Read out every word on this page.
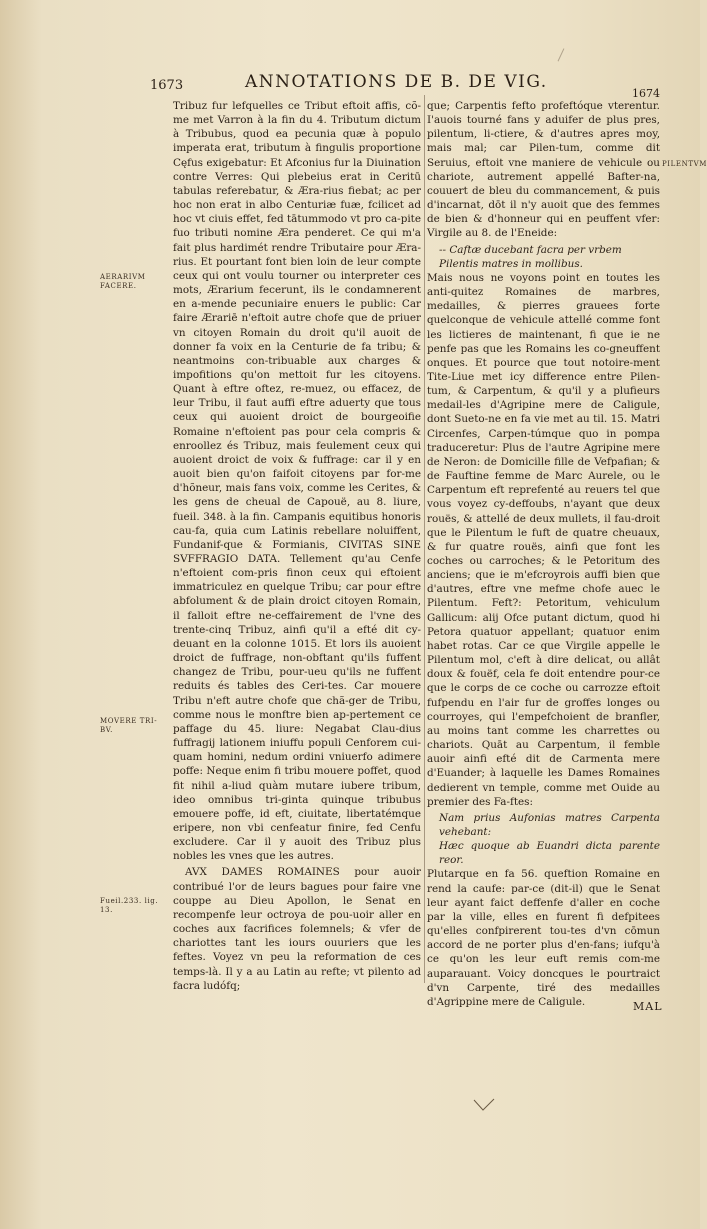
1673	ANNOTATIONS DE B. DE VIG.
1674
AERARIVM FACERE.
MOVERE TRI-BV.
Fueil.233. lig. 13.
PILENTVM

Tribuz fur lefquelles ce Tribut eftoit affis, cõ-me met Varron à la fin du 4. Tributum dictum à Tribubus, quod ea pecunia quæ à populo imperata erat, tributum à fingulis proportione Cęfus exigebatur: Et Afconius fur la Diuination contre Verres: Qui plebeius erat in Ceritū tabulas referebatur, & Æra-rius fiebat; ac per hoc non erat in albo Centuriæ fuæ, fcilicet ad hoc vt ciuis effet, fed tātummodo vt pro ca-pite fuo tributi nomine Æra penderet. Ce qui m'a fait plus hardimét rendre Tributaire pour Æra-rius. Et pourtant font bien loin de leur compte ceux qui ont voulu tourner ou interpreter ces mots, Ærarium fecerunt, ils le condamnerent en a-mende pecuniaire enuers le public: Car faire Ærariē n'eftoit autre chofe que de priuer vn citoyen Romain du droit qu'il auoit de donner fa voix en la Centurie de fa tribu; & neantmoins con-tribuable aux charges & impofitions qu'on mettoit fur les citoyens. Quant à eftre oftez, re-muez, ou effacez, de leur Tribu, il faut auffi eftre aduerty que tous ceux qui auoient droict de bourgeoifie Romaine n'eftoient pas pour cela compris & enroollez és Tribuz, mais feulement ceux qui auoient droict de voix & fuffrage: car il y en auoit bien qu'on faifoit citoyens par for-me d'hõneur, mais fans voix, comme les Cerites, & les gens de cheual de Capouë, au 8. liure, fueil. 348. à la fin. Campanis equitibus honoris cau-fa, quia cum Latinis rebellare noluiffent, Fundanif-que & Formianis, CIVITAS SINE SVFFRAGIO DATA. Tellement qu'au Cenfe n'eftoient com-pris finon ceux qui eftoient immatriculez en quelque Tribu; car pour eftre abfolument & de plain droict citoyen Romain, il falloit eftre ne-ceffairement de l'vne des trente-cinq Tribuz, ainfi qu'il a efté dit cy-deuant en la colonne 1015. Et lors ils auoient droict de fuffrage, non-obftant qu'ils fuffent changez de Tribu, pour-ueu qu'ils ne fuffent reduits és tables des Ceri-tes. Car mouere Tribu n'eft autre chofe que chã-ger de Tribu, comme nous le monftre bien ap-pertement ce paffage du 45. liure: Negabat Clau-dius fuffragij lationem iniuffu populi Cenforem cui-quam homini, nedum ordini vniuerfo adimere poffe: Neque enim fi tribu mouere poffet, quod fit nihil a-liud quàm mutare iubere tribum, ideo omnibus tri-ginta quinque tribubus emouere poffe, id eft, ciuitate, libertatémque eripere, non vbi cenfeatur finire, fed Cenfu excludere. Car il y auoit des Tribuz plus nobles les vnes que les autres.

AVX DAMES ROMAINES pour auoir contribué l'or de leurs bagues pour faire vne couppe au Dieu Apollon, le Senat en recompenfe leur octroya de pou-uoir aller en coches aux facrifices folemnels; & vfer de chariottes tant les iours ouuriers que les feftes. Voyez vn peu la reformation de ces temps-là. Il y a au Latin au refte; vt pilento ad facra ludófq;

que; Carpentis fefto profeftóque vterentur. I'auois tourné fans y aduifer de plus pres, pilentum, li-ctiere, & d'autres apres moy, mais mal; car Pilen-tum, comme dit Seruius, eftoit vne maniere de vehicule ou chariote, autrement appellé Bafter-na, couuert de bleu du commancement, & puis d'incarnat, dōt il n'y auoit que des femmes de bien & d'honneur qui en peuffent vfer: Virgile au 8. de l'Eneide:

-- Caftæ ducebant facra per vrbem

Pilentis matres in mollibus.

Mais nous ne voyons point en toutes les anti-quitez Romaines de marbres, medailles, & pierres grauees forte quelconque de vehicule attellé comme font les lictieres de maintenant, fi que ie ne penfe pas que les Romains les co-gneuffent onques. Et pource que tout notoire-ment Tite-Liue met icy difference entre Pilen-tum, & Carpentum, & qu'il y a plufieurs medail-les d'Agripine mere de Caligule, dont Sueto-ne en fa vie met au til. 15. Matri Circenfes, Carpen-túmque quo in pompa traduceretur: Plus de l'autre Agripine mere de Neron: de Domicille fille de Vefpafian; & de Fauftine femme de Marc Aurele, ou le Carpentum eft reprefenté au reuers tel que vous voyez cy-deffoubs, n'ayant que deux rouës, & attellé de deux mullets, il fau-droit que le Pilentum le fuft de quatre cheuaux, & fur quatre rouës, ainfi que font les coches ou carroches; & le Petoritum des anciens; que ie m'efcroyrois auffi bien que d'autres, eftre vne mefme chofe auec le Pilentum. Feft?: Petoritum, vehiculum Gallicum: alij Ofce putant dictum, quod hi Petora quatuor appellant; quatuor enim habet rotas. Car ce que Virgile appelle le Pilentum mol, c'eft à dire delicat, ou allât doux & fouëf, cela fe doit entendre pour-ce que le corps de ce coche ou carrozze eftoit fufpendu en l'air fur de groffes longes ou courroyes, qui l'empefchoient de branfler, au moins tant comme les charrettes ou chariots. Quāt au Carpentum, il femble auoir ainfi efté dit de Carmenta mere d'Euander; à laquelle les Dames Romaines dedierent vn temple, comme met Ouide au premier des Fa-ftes:

Nam prius Aufonias matres Carpenta vehebant:

Hæc quoque ab Euandri dicta parente reor.

Plutarque en fa 56. queftion Romaine en rend la caufe: par-ce (dit-il) que le Senat leur ayant faict deffenfe d'aller en coche par la ville, elles en furent fi defpitees qu'elles confpirerent tou-tes d'vn cōmun accord de ne porter plus d'en-fans; iufqu'à ce qu'on les leur euft remis com-me auparauant. Voicy doncques le pourtraict d'vn Carpente, tiré des medailles d'Agrippine mere de Caligule.	MAL
